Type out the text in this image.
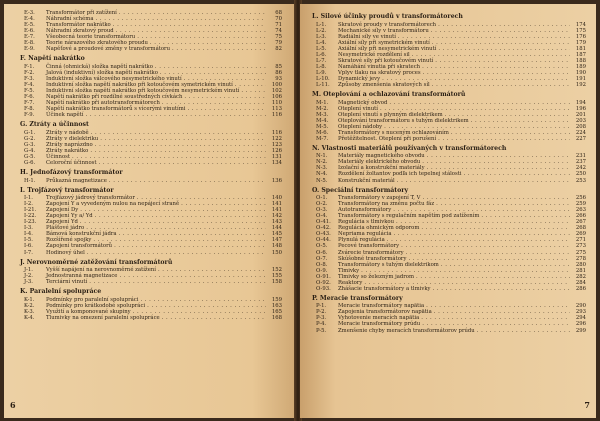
E-3.	Transformátor při zatížení . . .	68
E-4.	Náhradní schéma . . .	70
E-5.	Transformátor nakrátko . . .	71
E-6.	Náhradní zkratový proud . . .	74
E-7.	Všeobecná teorie transformátoru . . .	75
E-8.	Teorie nárazového zkratového proudu . . .	79
E-9.	Napěťové a proudové změny v transformátoru . . .	82
F. Napětí nakrátko
F-1.	Činná (ohmická) složka napětí nakrátko . . .	85
F-2.	Jalová (induktivní) složka napětí nakrátko . . .	86
F-3.	Induktivní složka válcového nesymetrického vinutí . . .	93
F-4.	Induktivní složka napětí nakrátko při kotoučovém symetrickém vinutí . . .	100
F-5.	Induktivní složka napětí nakrátko při kotoučovém nesymetrickém vinutí . . .	102
F-6.	Napětí nakrátko při rozdílné soustředných cívkách . . .	106
F-7.	Napětí nakrátko při autotransformátorech . . .	110
F-8.	Napětí nakrátko transformátorů s vícerými vinutími . . .	113
F-9.	Účinek napětí . . .	116
G. Ztráty a účinnost
G-1.	Ztráty v nádobě . . .	116
G-2.	Ztráty v dielektriku . . .	122
G-3.	Ztráty naprázdno . . .	123
G-4.	Ztráty nakrátko . . .	126
G-5.	Účinnost . . .	131
G-6.	Celoroční účinnost . . .	134
H. Jednofázový transformátor
H-1.	Průkazná magnetizace . . .	136
I. Trojfázový transformátor
I-1.	Trojfázový jádrový transformátor . . .	140
I-2.	Zapojení Y a vyvedeným nulou na nepájecí straně . . .	141
I-21.	Zapojení Dy . . .	141
I-22.	Zapojení Yy a/ Yd . . .	142
I-23.	Zapojení Yd . . .	143
I-3.	Plášťové jádro . . .	144
I-4.	Bámová konstrukční jádra . . .	145
I-5.	Rozšířené spojky . . .	147
I-6.	Zapojení transformátorů . . .	148
I-7.	Hodinový úhel . . .	150
J. Nerovnoměrné zatěžování transformátorů
J-1.	Vyšší napájení na nerovnoměrné zatížení . . .	152
J-2.	Jednostranná magnetizace . . .	155
J-3.	Terciární vinutí . . .	158
K. Paralelní spolupráce
K-1.	Podmínky pro paralelní spolupráci . . .	159
K-2.	Podmínky pro krátkodobé spolupráci . . .	163
K-3.	Využití a komponované skupiny . . .	165
K-4.	Tlumivky na omezení paralelní spolupráce . . .	168
6
L. Silové účinky proudů v transformátorech
L-1.	Skratové proudy v transformátorech . . .	174
L-2.	Mechanické síly v transformátoru . . .	175
L-3.	Radiální síly ve vinutí . . .	176
L-4.	Axiální síly při symetrickém vinutí . . .	179
L-5.	Axiální síly při nesymetrickém vinutí . . .	181
L-6.	Nesymetrické rozdělení sil . . .	187
L-7.	Skratové síly při kotoučovém vinutí . . .	188
L-8.	Namáhání vinutia při skratech . . .	189
L-9.	Vplyv tlaku na skratový proces . . .	190
L-10.	Dynamický jevy . . .	191
L-11.	Způsoby zmenšenia skratových síl . . .	192
M. Oteplování a ochlazování transformátorů
M-1.	Magnetický obvod . . .	194
M-2.	Oteplení vinutí . . .	196
M-3.	Oteplení vinutí s plynným dielektrikem . . .	201
M-4.	Oteplování transformátoru s tuhým dielektrikem . . .	203
M-5.	Oteplení nádoby . . .	208
M-6.	Transformátory s nuceným ochlazováním . . .	224
M-7.	Přetěžitelnost. Oteplení při porušení . . .	227
N. Vlastnosti materiálů používaných v transformátorech
N-1.	Materiály magnetického obvodu . . .	231
N-2.	Materiály elektrického obvodu . . .	237
N-3.	Izolační a konstrukční materiály . . .	242
N-4.	Rozdělení žoltantov podľa ich tepelnej stálosti . . .	250
N-5.	Konstrukční materiál . . .	253
O. Speciální transformátory
O-1.	Transformátory v zapojení T, V . . .	256
O-2.	Transformátory na změnu počtu fáz . . .	259
O-3.	Autotransformátory . . .	263
O-4.	Transformátory s regulačním napětím pod zatížením . . .	266
O-41.	Regulácia s tlmivkou . . .	267
O-42.	Regulácia ohmickým odporom . . .	268
O-43.	Nepriama regulácia . . .	269
O-44.	Plynulá regulácia . . .	271
O-5.	Pecové transformátory . . .	273
O-6.	Zvárecie transformátory . . .	275
O-7.	Skúšobné transformátory . . .	278
O-8.	Transformátory s tuhým dielektrikom . . .	280
O-9.	Tlmivky . . .	281
O-91.	Tlmivky so železným jadrom . . .	282
O-92.	Reaktory . . .	284
O-93.	Zhášacie transformátory a tlmivky . . .	286
P. Meracie transformátory
P-1.	Meracie transformátory napätia . . .	290
P-2.	Zapojenia transformátorov napätia . . .	293
P-3.	Vyhotovenie meracích napätia . . .	294
P-4.	Meracie transformátory prúdu . . .	296
P-5.	Zmenšenie chyby meracích transformátorov prúdu . . .	299
7
